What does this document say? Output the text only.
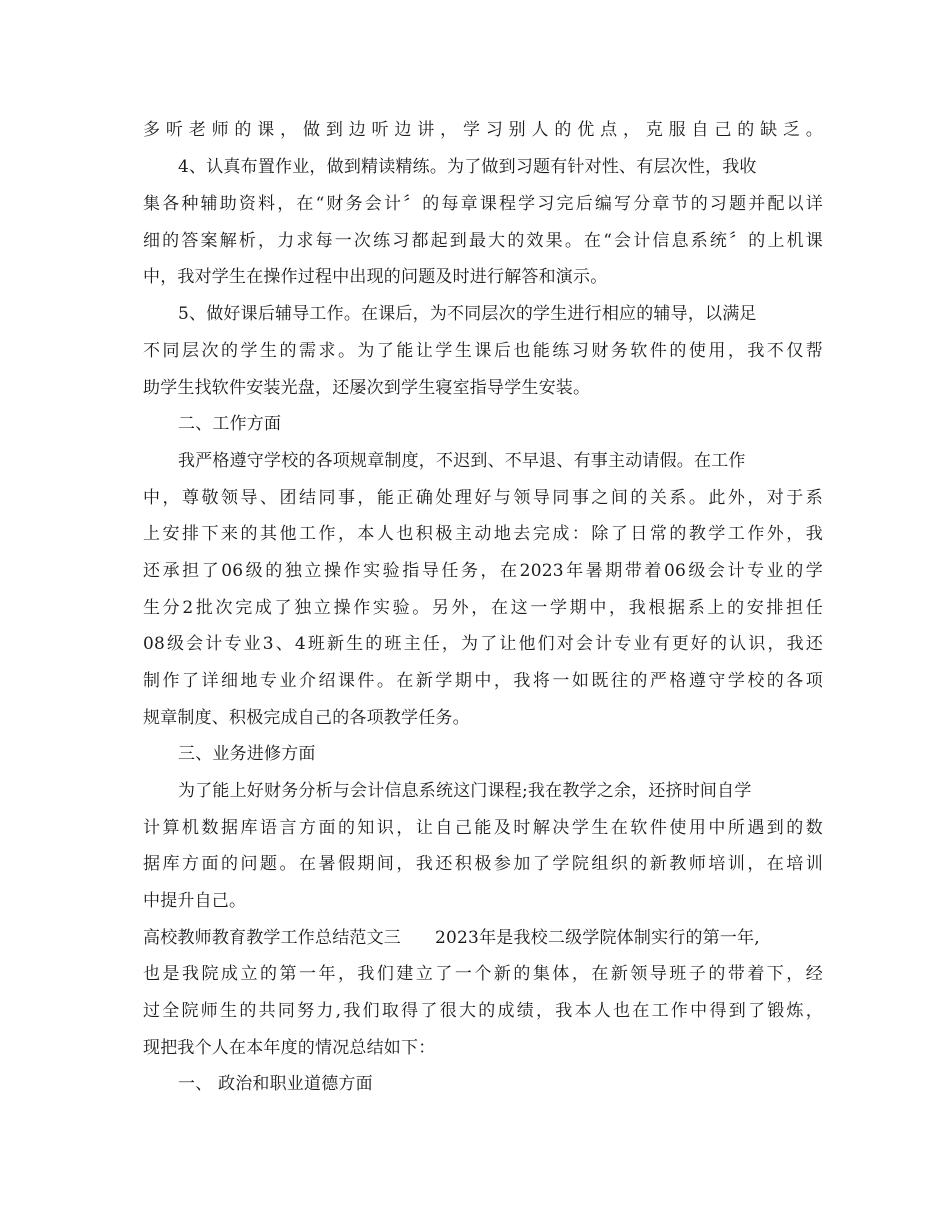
多听老师的课，做到边听边讲，学习别人的优点，克服自己的缺乏。
4、认真布置作业，做到精读精练。为了做到习题有针对性、有层次性，我收
集各种辅助资料，在“财务会计〞的每章课程学习完后编写分章节的习题并配以详
细的答案解析，力求每一次练习都起到最大的效果。在“会计信息系统〞的上机课
中，我对学生在操作过程中出现的问题及时进行解答和演示。
5、做好课后辅导工作。在课后，为不同层次的学生进行相应的辅导，以满足
不同层次的学生的需求。为了能让学生课后也能练习财务软件的使用，我不仅帮
助学生找软件安装光盘，还屡次到学生寝室指导学生安装。
二、工作方面
我严格遵守学校的各项规章制度，不迟到、不早退、有事主动请假。在工作
中，尊敬领导、团结同事，能正确处理好与领导同事之间的关系。此外，对于系
上安排下来的其他工作，本人也积极主动地去完成：除了日常的教学工作外，我
还承担了06级的独立操作实验指导任务，在2023年暑期带着06级会计专业的学
生分2批次完成了独立操作实验。另外，在这一学期中，我根据系上的安排担任
08级会计专业3、4班新生的班主任，为了让他们对会计专业有更好的认识，我还
制作了详细地专业介绍课件。在新学期中，我将一如既往的严格遵守学校的各项
规章制度、积极完成自己的各项教学任务。
三、业务进修方面
为了能上好财务分析与会计信息系统这门课程;我在教学之余，还挤时间自学
计算机数据库语言方面的知识，让自己能及时解决学生在软件使用中所遇到的数
据库方面的问题。在暑假期间，我还积极参加了学院组织的新教师培训，在培训
中提升自己。
高校教师教育教学工作总结范文三 2023年是我校二级学院体制实行的第一年,
也是我院成立的第一年，我们建立了一个新的集体，在新领导班子的带着下，经
过全院师生的共同努力,我们取得了很大的成绩，我本人也在工作中得到了锻炼，
现把我个人在本年度的情况总结如下：
一、 政治和职业道德方面
